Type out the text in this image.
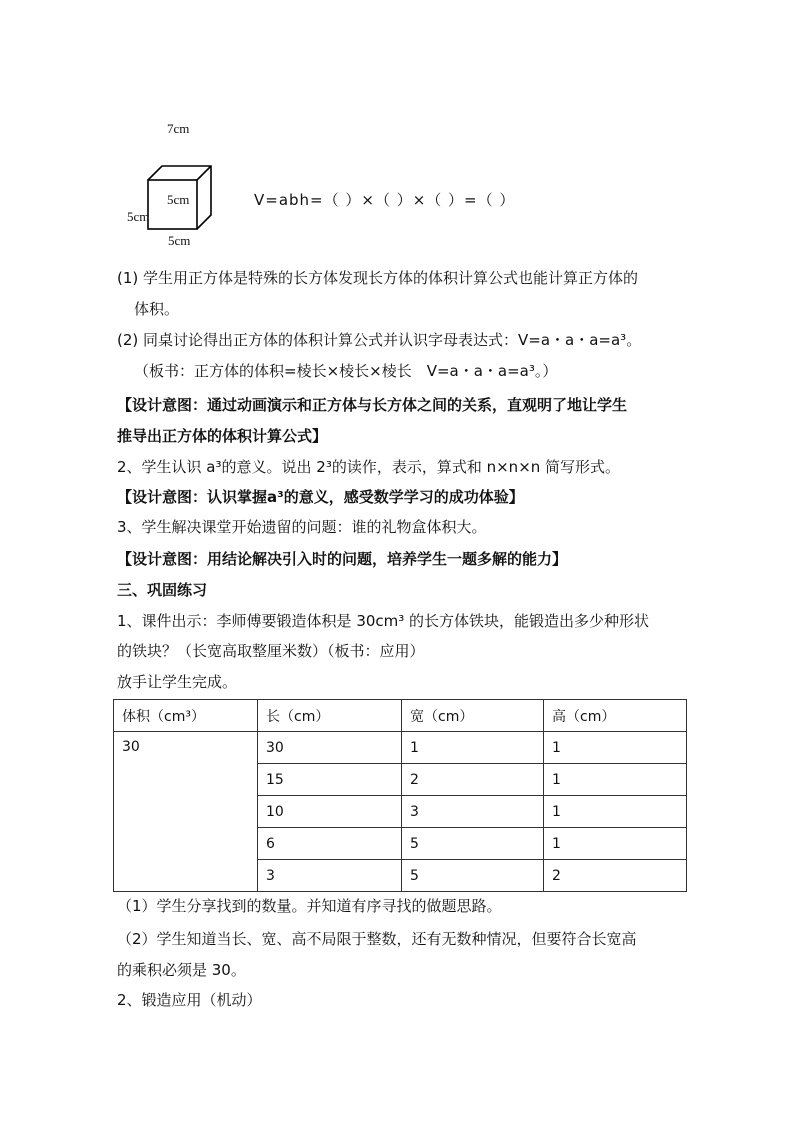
7cm
5cm
5cm
5cm
V=abh=（ ）×（ ）×（ ）=（ ）
(1) 学生用正方体是特殊的长方体发现长方体的体积计算公式也能计算正方体的
体积。
(2) 同桌讨论得出正方体的体积计算公式并认识字母表达式：V=a・a・a=a³。
（板书：正方体的体积=棱长×棱长×棱长　V=a・a・a=a³。）
【设计意图：通过动画演示和正方体与长方体之间的关系，直观明了地让学生
推导出正方体的体积计算公式】
2、学生认识 a³的意义。说出 2³的读作，表示，算式和 n×n×n 简写形式。
【设计意图：认识掌握a³的意义，感受数学学习的成功体验】
3、学生解决课堂开始遗留的问题：谁的礼物盒体积大。
【设计意图：用结论解决引入时的问题，培养学生一题多解的能力】
三、巩固练习
1、课件出示：李师傅要锻造体积是 30cm³ 的长方体铁块，能锻造出多少种形状
的铁块？（长宽高取整厘米数）（板书：应用）
放手让学生完成。
体积（cm³）	长（cm）	宽（cm）	高（cm）
30	30	1	1
	15	2	1
	10	3	1
	6	5	1
	3	5	2
（1）学生分享找到的数量。并知道有序寻找的做题思路。
（2）学生知道当长、宽、高不局限于整数，还有无数种情况，但要符合长宽高
的乘积必须是 30。
2、锻造应用（机动）
